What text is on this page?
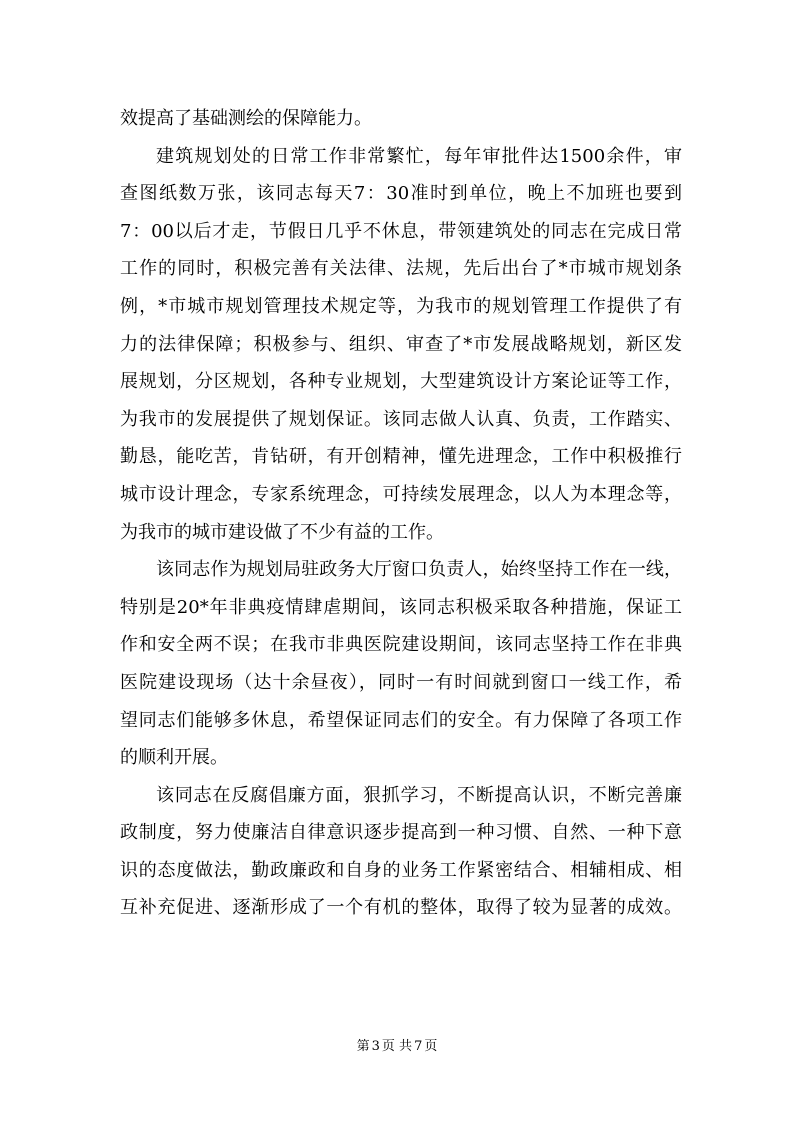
效提高了基础测绘的保障能力。
建筑规划处的日常工作非常繁忙，每年审批件达1500余件，审
查图纸数万张，该同志每天7：30准时到单位，晚上不加班也要到
7：00以后才走，节假日几乎不休息，带领建筑处的同志在完成日常
工作的同时，积极完善有关法律、法规，先后出台了*市城市规划条
例，*市城市规划管理技术规定等，为我市的规划管理工作提供了有
力的法律保障；积极参与、组织、审查了*市发展战略规划，新区发
展规划，分区规划，各种专业规划，大型建筑设计方案论证等工作，
为我市的发展提供了规划保证。该同志做人认真、负责，工作踏实、
勤恳，能吃苦，肯钻研，有开创精神，懂先进理念，工作中积极推行
城市设计理念，专家系统理念，可持续发展理念，以人为本理念等，
为我市的城市建设做了不少有益的工作。
该同志作为规划局驻政务大厅窗口负责人，始终坚持工作在一线，
特别是20*年非典疫情肆虐期间，该同志积极采取各种措施，保证工
作和安全两不误；在我市非典医院建设期间，该同志坚持工作在非典
医院建设现场（达十余昼夜），同时一有时间就到窗口一线工作，希
望同志们能够多休息，希望保证同志们的安全。有力保障了各项工作
的顺利开展。
该同志在反腐倡廉方面，狠抓学习，不断提高认识，不断完善廉
政制度，努力使廉洁自律意识逐步提高到一种习惯、自然、一种下意
识的态度做法，勤政廉政和自身的业务工作紧密结合、相辅相成、相
互补充促进、逐渐形成了一个有机的整体，取得了较为显著的成效。
第 3 页 共 7 页
